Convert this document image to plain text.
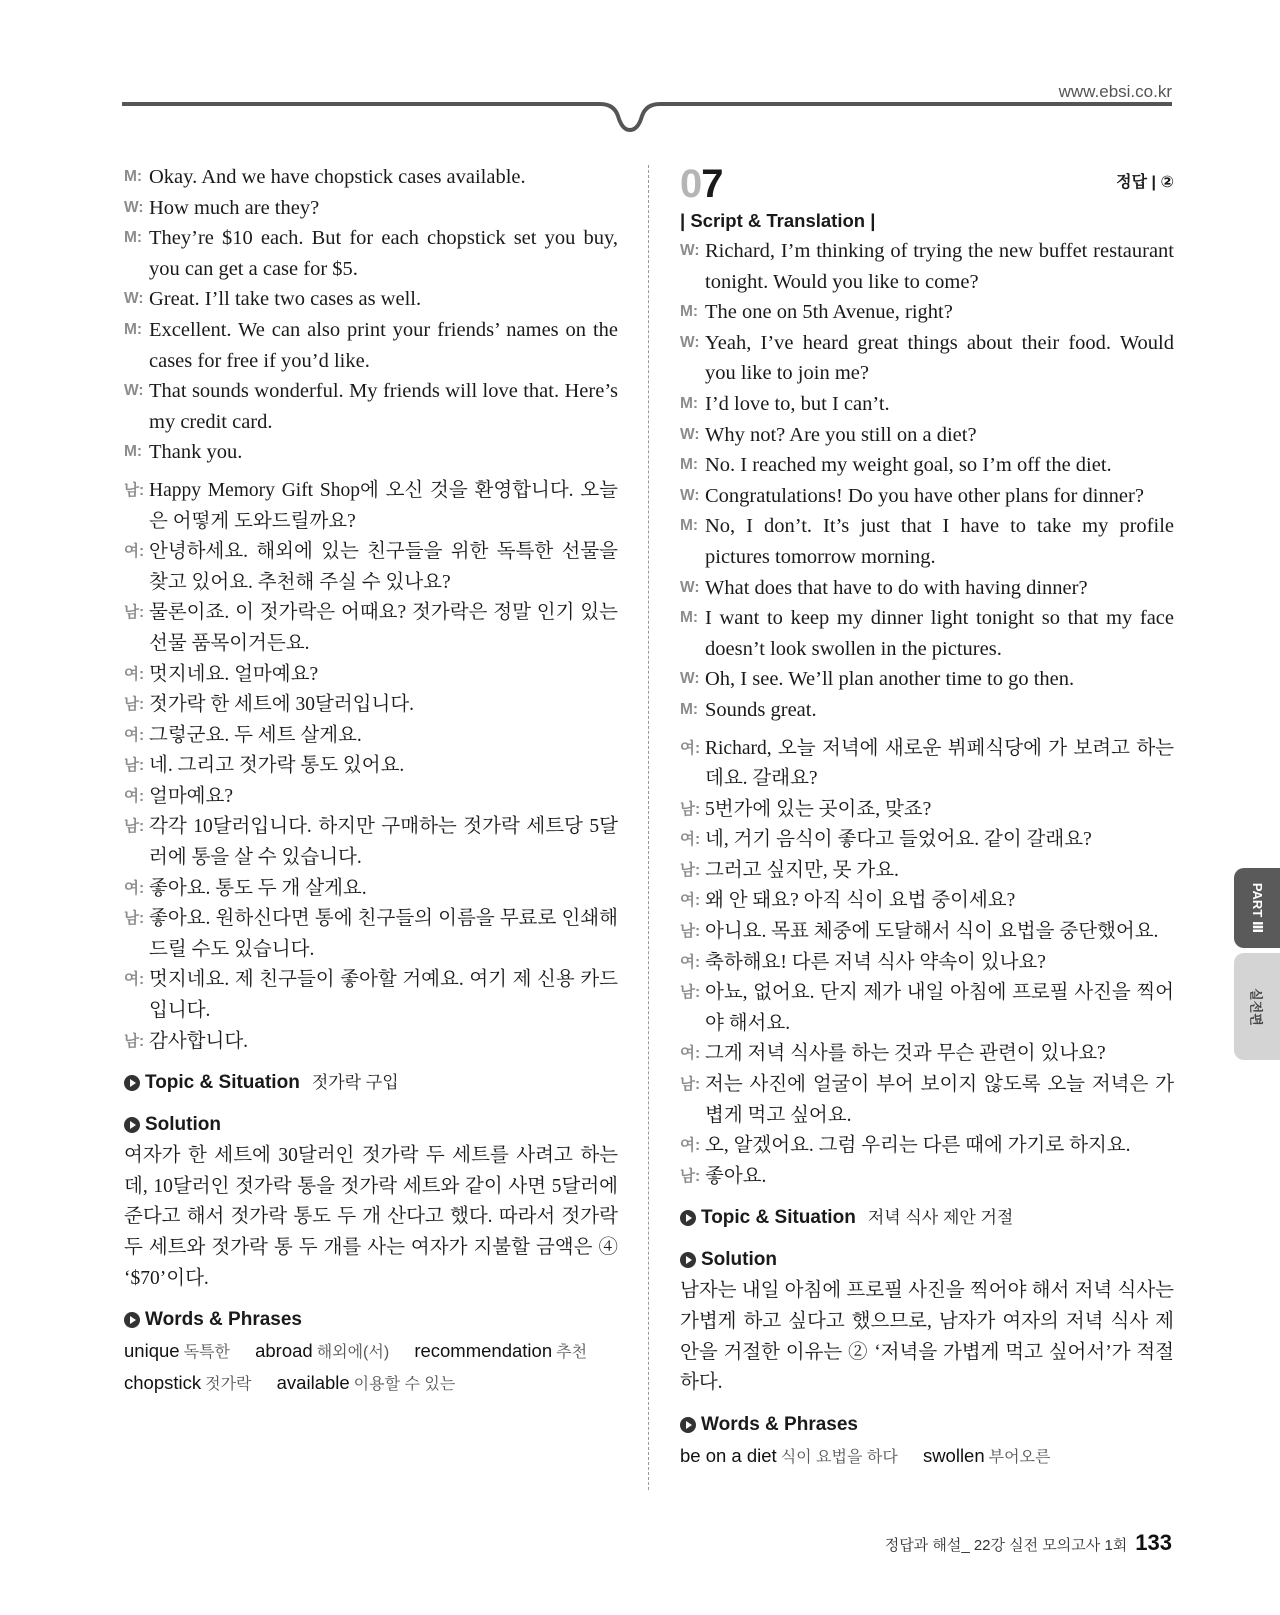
www.ebsi.co.kr
M: Okay. And we have chopstick cases available.
W: How much are they?
M: They’re $10 each. But for each chopstick set you buy, you can get a case for $5.
W: Great. I’ll take two cases as well.
M: Excellent. We can also print your friends’ names on the cases for free if you’d like.
W: That sounds wonderful. My friends will love that. Here’s my credit card.
M: Thank you.
남: Happy Memory Gift Shop에 오신 것을 환영합니다. 오늘은 어떻게 도와드릴까요?
여: 안녕하세요. 해외에 있는 친구들을 위한 독특한 선물을 찾고 있어요. 추천해 주실 수 있나요?
남: 물론이죠. 이 젓가락은 어때요? 젓가락은 정말 인기 있는 선물 품목이거든요.
여: 멋지네요. 얼마예요?
남: 젓가락 한 세트에 30달러입니다.
여: 그렇군요. 두 세트 살게요.
남: 네. 그리고 젓가락 통도 있어요.
여: 얼마예요?
남: 각각 10달러입니다. 하지만 구매하는 젓가락 세트당 5달러에 통을 살 수 있습니다.
여: 좋아요. 통도 두 개 살게요.
남: 좋아요. 원하신다면 통에 친구들의 이름을 무료로 인쇄해 드릴 수도 있습니다.
여: 멋지네요. 제 친구들이 좋아할 거예요. 여기 제 신용 카드입니다.
남: 감사합니다.
Topic & Situation 젓가락 구입
Solution

여자가 한 세트에 30달러인 젓가락 두 세트를 사려고 하는데, 10달러인 젓가락 통을 젓가락 세트와 같이 사면 5달러에 준다고 해서 젓가락 통도 두 개 산다고 했다. 따라서 젓가락 두 세트와 젓가락 통 두 개를 사는 여자가 지불할 금액은 ④ ‘$70’이다.

Words & Phrases
unique 독특한 abroad 해외에(서) recommendation 추천 chopstick 젓가락 available 이용할 수 있는
07	정답 | ②
| Script & Translation |
W: Richard, I’m thinking of trying the new buffet restaurant tonight. Would you like to come?
M: The one on 5th Avenue, right?
W: Yeah, I’ve heard great things about their food. Would you like to join me?
M: I’d love to, but I can’t.
W: Why not? Are you still on a diet?
M: No. I reached my weight goal, so I’m off the diet.
W: Congratulations! Do you have other plans for dinner?
M: No, I don’t. It’s just that I have to take my profile pictures tomorrow morning.
W: What does that have to do with having dinner?
M: I want to keep my dinner light tonight so that my face doesn’t look swollen in the pictures.
W: Oh, I see. We’ll plan another time to go then.
M: Sounds great.
여: Richard, 오늘 저녁에 새로운 뷔페식당에 가 보려고 하는데요. 갈래요?
남: 5번가에 있는 곳이죠, 맞죠?
여: 네, 거기 음식이 좋다고 들었어요. 같이 갈래요?
남: 그러고 싶지만, 못 가요.
여: 왜 안 돼요? 아직 식이 요법 중이세요?
남: 아니요. 목표 체중에 도달해서 식이 요법을 중단했어요.
여: 축하해요! 다른 저녁 식사 약속이 있나요?
남: 아뇨, 없어요. 단지 제가 내일 아침에 프로필 사진을 찍어야 해서요.
여: 그게 저녁 식사를 하는 것과 무슨 관련이 있나요?
남: 저는 사진에 얼굴이 부어 보이지 않도록 오늘 저녁은 가볍게 먹고 싶어요.
여: 오, 알겠어요. 그럼 우리는 다른 때에 가기로 하지요.
남: 좋아요.
Topic & Situation 저녁 식사 제안 거절
Solution

남자는 내일 아침에 프로필 사진을 찍어야 해서 저녁 식사는 가볍게 하고 싶다고 했으므로, 남자가 여자의 저녁 식사 제안을 거절한 이유는 ② ‘저녁을 가볍게 먹고 싶어서’가 적절하다.

Words & Phrases
be on a diet 식이 요법을 하다 swollen 부어오른
PART Ⅲ
실전편
정답과 해설_ 22강 실전 모의고사 1회 133
